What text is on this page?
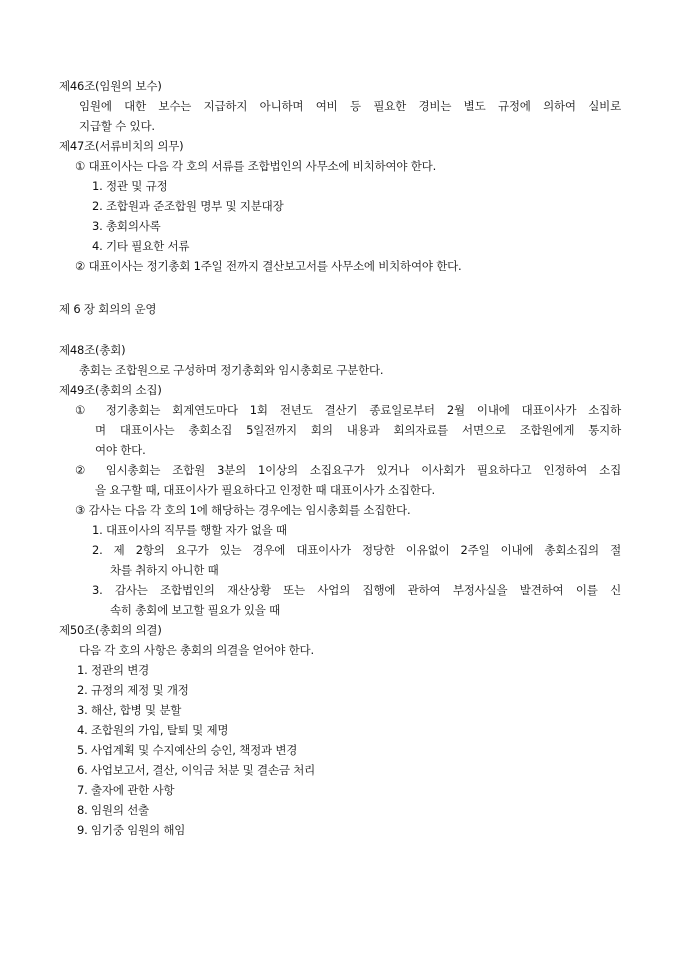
제46조(임원의 보수)
임원에 대한 보수는 지급하지 아니하며 여비 등 필요한 경비는 별도 규정에 의하여 실비로
지급할 수 있다.
제47조(서류비치의 의무)
① 대표이사는 다음 각 호의 서류를 조합법인의 사무소에 비치하여야 한다.
1. 정관 및 규정
2. 조합원과 준조합원 명부 및 지분대장
3. 총회의사록
4. 기타 필요한 서류
② 대표이사는 정기총회 1주일 전까지 결산보고서를 사무소에 비치하여야 한다.
제 6 장 회의의 운영
제48조(총회)
총회는 조합원으로 구성하며 정기총회와 임시총회로 구분한다.
제49조(총회의 소집)
① 정기총회는 회계연도마다 1회 전년도 결산기 종료일로부터 2월 이내에 대표이사가 소집하
며 대표이사는 총회소집 5일전까지 회의 내용과 회의자료를 서면으로 조합원에게 통지하
여야 한다.
② 임시총회는 조합원 3분의 1이상의 소집요구가 있거나 이사회가 필요하다고 인정하여 소집
을 요구할 때, 대표이사가 필요하다고 인정한 때 대표이사가 소집한다.
③ 감사는 다음 각 호의 1에 해당하는 경우에는 임시총회를 소집한다.
1. 대표이사의 직무를 행할 자가 없을 때
2. 제 2항의 요구가 있는 경우에 대표이사가 정당한 이유없이 2주일 이내에 총회소집의 절
차를 취하지 아니한 때
3. 감사는 조합법인의 재산상황 또는 사업의 집행에 관하여 부정사실을 발견하여 이를 신
속히 총회에 보고할 필요가 있을 때
제50조(총회의 의결)
다음 각 호의 사항은 총회의 의결을 얻어야 한다.
1. 정관의 변경
2. 규정의 제정 및 개정
3. 해산, 합병 및 분할
4. 조합원의 가입, 탈퇴 및 제명
5. 사업계획 및 수지예산의 승인, 책정과 변경
6. 사업보고서, 결산, 이익금 처분 및 결손금 처리
7. 출자에 관한 사항
8. 임원의 선출
9. 임기중 임원의 해임
